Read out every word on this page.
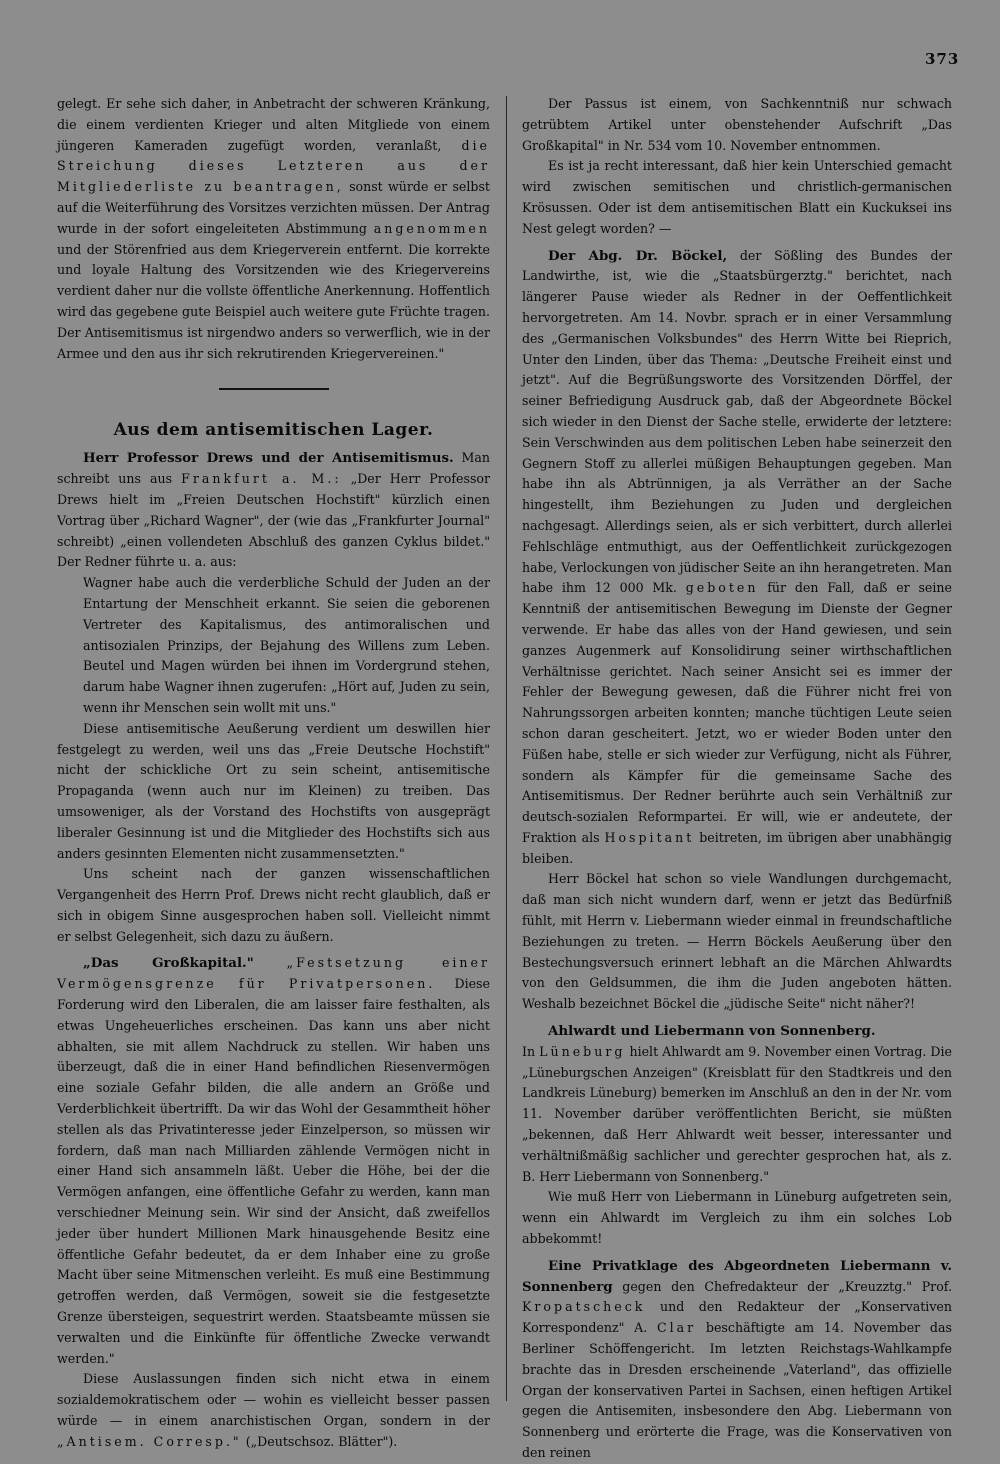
373

gelegt. Er sehe sich daher, in Anbetracht der schweren Kränkung, die einem verdienten Krieger und alten Mitgliede von einem jüngeren Kameraden zugefügt worden, veranlaßt, die Streichung dieses Letzteren aus der Mitgliederliste zu beantragen, sonst würde er selbst auf die Weiterführung des Vorsitzes verzichten müssen. Der Antrag wurde in der sofort eingeleiteten Abstimmung angenommen und der Störenfried aus dem Kriegerverein entfernt. Die korrekte und loyale Haltung des Vorsitzenden wie des Kriegervereins verdient daher nur die vollste öffentliche Anerkennung. Hoffentlich wird das gegebene gute Beispiel auch weitere gute Früchte tragen. Der Antisemitismus ist nirgendwo anders so verwerflich, wie in der Armee und den aus ihr sich rekrutirenden Kriegervereinen."

Aus dem antisemitischen Lager.

Herr Professor Drews und der Antisemitismus. Man schreibt uns aus Frankfurt a. M.: „Der Herr Professor Drews hielt im „Freien Deutschen Hochstift" kürzlich einen Vortrag über „Richard Wagner", der (wie das „Frankfurter Journal" schreibt) „einen vollendeten Abschluß des ganzen Cyklus bildet." Der Redner führte u. a. aus:

Wagner habe auch die verderbliche Schuld der Juden an der Entartung der Menschheit erkannt. Sie seien die geborenen Vertreter des Kapitalismus, des antimoralischen und antisozialen Prinzips, der Bejahung des Willens zum Leben. Beutel und Magen würden bei ihnen im Vordergrund stehen, darum habe Wagner ihnen zugerufen: „Hört auf, Juden zu sein, wenn ihr Menschen sein wollt mit uns."

Diese antisemitische Aeußerung verdient um deswillen hier festgelegt zu werden, weil uns das „Freie Deutsche Hochstift" nicht der schickliche Ort zu sein scheint, antisemitische Propaganda (wenn auch nur im Kleinen) zu treiben. Das umsoweniger, als der Vorstand des Hochstifts von ausgeprägt liberaler Gesinnung ist und die Mitglieder des Hochstifts sich aus anders gesinnten Elementen nicht zusammensetzten."

Uns scheint nach der ganzen wissenschaftlichen Vergangenheit des Herrn Prof. Drews nicht recht glaublich, daß er sich in obigem Sinne ausgesprochen haben soll. Vielleicht nimmt er selbst Gelegenheit, sich dazu zu äußern.

„Das Großkapital."	„Festsetzung einer Vermögensgrenze für Privatpersonen. Diese Forderung wird den Liberalen, die am laisser faire festhalten, als etwas Ungeheuerliches erscheinen. Das kann uns aber nicht abhalten, sie mit allem Nachdruck zu stellen. Wir haben uns überzeugt, daß die in einer Hand befindlichen Riesenvermögen eine soziale Gefahr bilden, die alle andern an Größe und Verderblichkeit übertrifft. Da wir das Wohl der Gesammtheit höher stellen als das Privatinteresse jeder Einzelperson, so müssen wir fordern, daß man nach Milliarden zählende Vermögen nicht in einer Hand sich ansammeln läßt. Ueber die Höhe, bei der die Vermögen anfangen, eine öffentliche Gefahr zu werden, kann man verschiedner Meinung sein. Wir sind der Ansicht, daß zweifellos jeder über hundert Millionen Mark hinausgehende Besitz eine öffentliche Gefahr bedeutet, da er dem Inhaber eine zu große Macht über seine Mitmenschen verleiht. Es muß eine Bestimmung getroffen werden, daß Vermögen, soweit sie die festgesetzte Grenze übersteigen, sequestrirt werden. Staatsbeamte müssen sie verwalten und die Einkünfte für öffentliche Zwecke verwandt werden."

Diese Auslassungen finden sich nicht etwa in einem sozialdemokratischem oder — wohin es vielleicht besser passen würde — in einem anarchistischen Organ, sondern in der „Antisem. Corresp." („Deutschsoz. Blätter").

Der Passus ist einem, von Sachkenntniß nur schwach getrübtem Artikel unter obenstehender Aufschrift „Das Großkapital" in Nr. 534 vom 10. November entnommen.

Es ist ja recht interessant, daß hier kein Unterschied gemacht wird zwischen semitischen und christlich-germanischen Krösussen. Oder ist dem antisemitischen Blatt ein Kuckuksei ins Nest gelegt worden? —

Der Abg. Dr. Böckel, der Sößling des Bundes der Landwirthe, ist, wie die „Staatsbürgerztg." berichtet, nach längerer Pause wieder als Redner in der Oeffentlichkeit hervorgetreten. Am 14. Novbr. sprach er in einer Versammlung des „Germanischen Volksbundes" des Herrn Witte bei Rieprich, Unter den Linden, über das Thema: „Deutsche Freiheit einst und jetzt". Auf die Begrüßungsworte des Vorsitzenden Dörffel, der seiner Befriedigung Ausdruck gab, daß der Abgeordnete Böckel sich wieder in den Dienst der Sache stelle, erwiderte der letztere: Sein Verschwinden aus dem politischen Leben habe seinerzeit den Gegnern Stoff zu allerlei müßigen Behauptungen gegeben. Man habe ihn als Abtrünnigen, ja als Verräther an der Sache hingestellt, ihm Beziehungen zu Juden und dergleichen nachgesagt. Allerdings seien, als er sich verbittert, durch allerlei Fehlschläge entmuthigt, aus der Oeffentlichkeit zurückgezogen habe, Verlockungen von jüdischer Seite an ihn herangetreten. Man habe ihm 12 000 Mk. geboten für den Fall, daß er seine Kenntniß der antisemitischen Bewegung im Dienste der Gegner verwende. Er habe das alles von der Hand gewiesen, und sein ganzes Augenmerk auf Konsolidirung seiner wirthschaftlichen Verhältnisse gerichtet. Nach seiner Ansicht sei es immer der Fehler der Bewegung gewesen, daß die Führer nicht frei von Nahrungssorgen arbeiten konnten; manche tüchtigen Leute seien schon daran gescheitert. Jetzt, wo er wieder Boden unter den Füßen habe, stelle er sich wieder zur Verfügung, nicht als Führer, sondern als Kämpfer für die gemeinsame Sache des Antisemitismus. Der Redner berührte auch sein Verhältniß zur deutsch-sozialen Reformpartei. Er will, wie er andeutete, der Fraktion als Hospitant beitreten, im übrigen aber unabhängig bleiben.

Herr Böckel hat schon so viele Wandlungen durchgemacht, daß man sich nicht wundern darf, wenn er jetzt das Bedürfniß fühlt, mit Herrn v. Liebermann wieder einmal in freundschaftliche Beziehungen zu treten. — Herrn Böckels Aeußerung über den Bestechungsversuch erinnert lebhaft an die Märchen Ahlwardts von den Geldsummen, die ihm die Juden angeboten hätten. Weshalb bezeichnet Böckel die „jüdische Seite" nicht näher?!

Ahlwardt und Liebermann von Sonnenberg.

In Lüneburg hielt Ahlwardt am 9. November einen Vortrag. Die „Lüneburgschen Anzeigen" (Kreisblatt für den Stadtkreis und den Landkreis Lüneburg) bemerken im Anschluß an den in der Nr. vom 11. November darüber veröffentlichten Bericht, sie müßten „bekennen, daß Herr Ahlwardt weit besser, interessanter und verhältnißmäßig sachlicher und gerechter gesprochen hat, als z. B. Herr Liebermann von Sonnenberg."

Wie muß Herr von Liebermann in Lüneburg aufgetreten sein, wenn ein Ahlwardt im Vergleich zu ihm ein solches Lob abbekommt!

Eine Privatklage des Abgeordneten Liebermann v. Sonnenberg gegen den Chefredakteur der „Kreuzztg." Prof. Kropatscheck und den Redakteur der „Konservativen Korrespondenz" A. Clar beschäftigte am 14. November das Berliner Schöffengericht. Im letzten Reichstags-Wahlkampfe brachte das in Dresden erscheinende „Vaterland", das offizielle Organ der konservativen Partei in Sachsen, einen heftigen Artikel gegen die Antisemiten, insbesondere den Abg. Liebermann von Sonnenberg und erörterte die Frage, was die Konservativen von den reinen
